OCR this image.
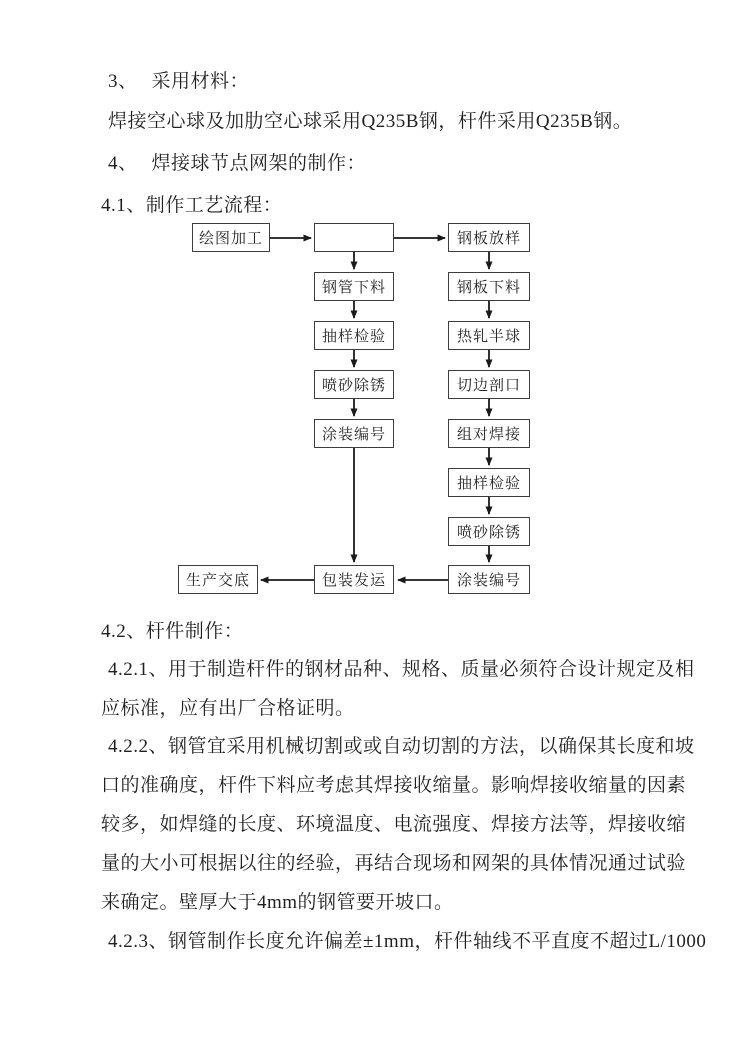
3、 采用材料：
焊接空心球及加肋空心球采用Q235B钢，杆件采用Q235B钢。
4、 焊接球节点网架的制作：
4.1、制作工艺流程：
绘图加工	钢板放样
钢管下料
抽样检验
喷砂除锈
涂装编号
钢板下料
热轧半球
切边剖口
组对焊接
抽样检验
喷砂除锈
涂装编号
包装发运
生产交底
4.2、杆件制作：
4.2.1、用于制造杆件的钢材品种、规格、质量必须符合设计规定及相
应标准，应有出厂合格证明。
4.2.2、钢管宜采用机械切割或或自动切割的方法，以确保其长度和坡
口的准确度，杆件下料应考虑其焊接收缩量。影响焊接收缩量的因素
较多，如焊缝的长度、环境温度、电流强度、焊接方法等，焊接收缩
量的大小可根据以往的经验，再结合现场和网架的具体情况通过试验
来确定。壁厚大于4mm的钢管要开坡口。
4.2.3、钢管制作长度允许偏差±1mm，杆件轴线不平直度不超过L/1000
